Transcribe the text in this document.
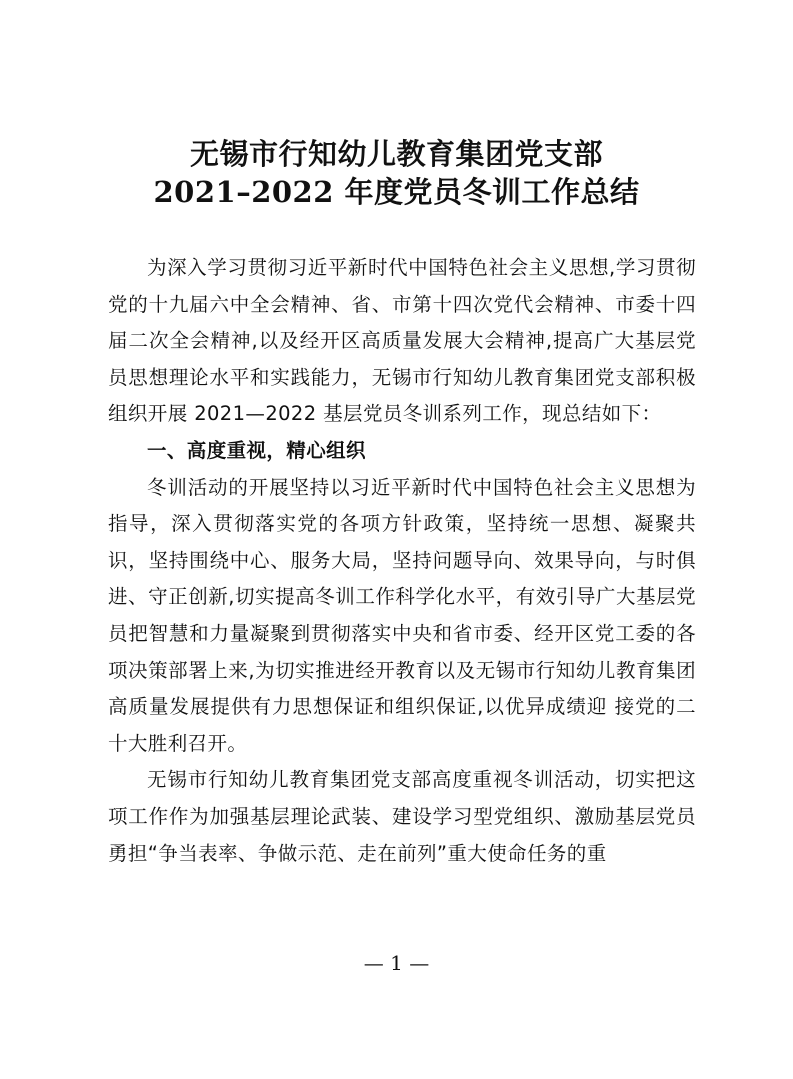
无锡市行知幼儿教育集团党支部
2021–2022 年度党员冬训工作总结

为深入学习贯彻习近平新时代中国特色社会主义思想,学习贯彻党的十九届六中全会精神、省、市第十四次党代会精神、市委十四届二次全会精神,以及经开区高质量发展大会精神,提高广大基层党员思想理论水平和实践能力，无锡市行知幼儿教育集团党支部积极组织开展 2021—2022 基层党员冬训系列工作，现总结如下：

一、高度重视，精心组织

冬训活动的开展坚持以习近平新时代中国特色社会主义思想为指导，深入贯彻落实党的各项方针政策，坚持统一思想、凝聚共识，坚持围绕中心、服务大局，坚持问题导向、效果导向，与时俱进、守正创新,切实提高冬训工作科学化水平，有效引导广大基层党员把智慧和力量凝聚到贯彻落实中央和省市委、经开区党工委的各项决策部署上来,为切实推进经开教育以及无锡市行知幼儿教育集团高质量发展提供有力思想保证和组织保证,以优异成绩迎 接党的二十大胜利召开。

无锡市行知幼儿教育集团党支部高度重视冬训活动，切实把这项工作作为加强基层理论武装、建设学习型党组织、激励基层党员勇担“争当表率、争做示范、走在前列”重大使命任务的重

— 1 —
